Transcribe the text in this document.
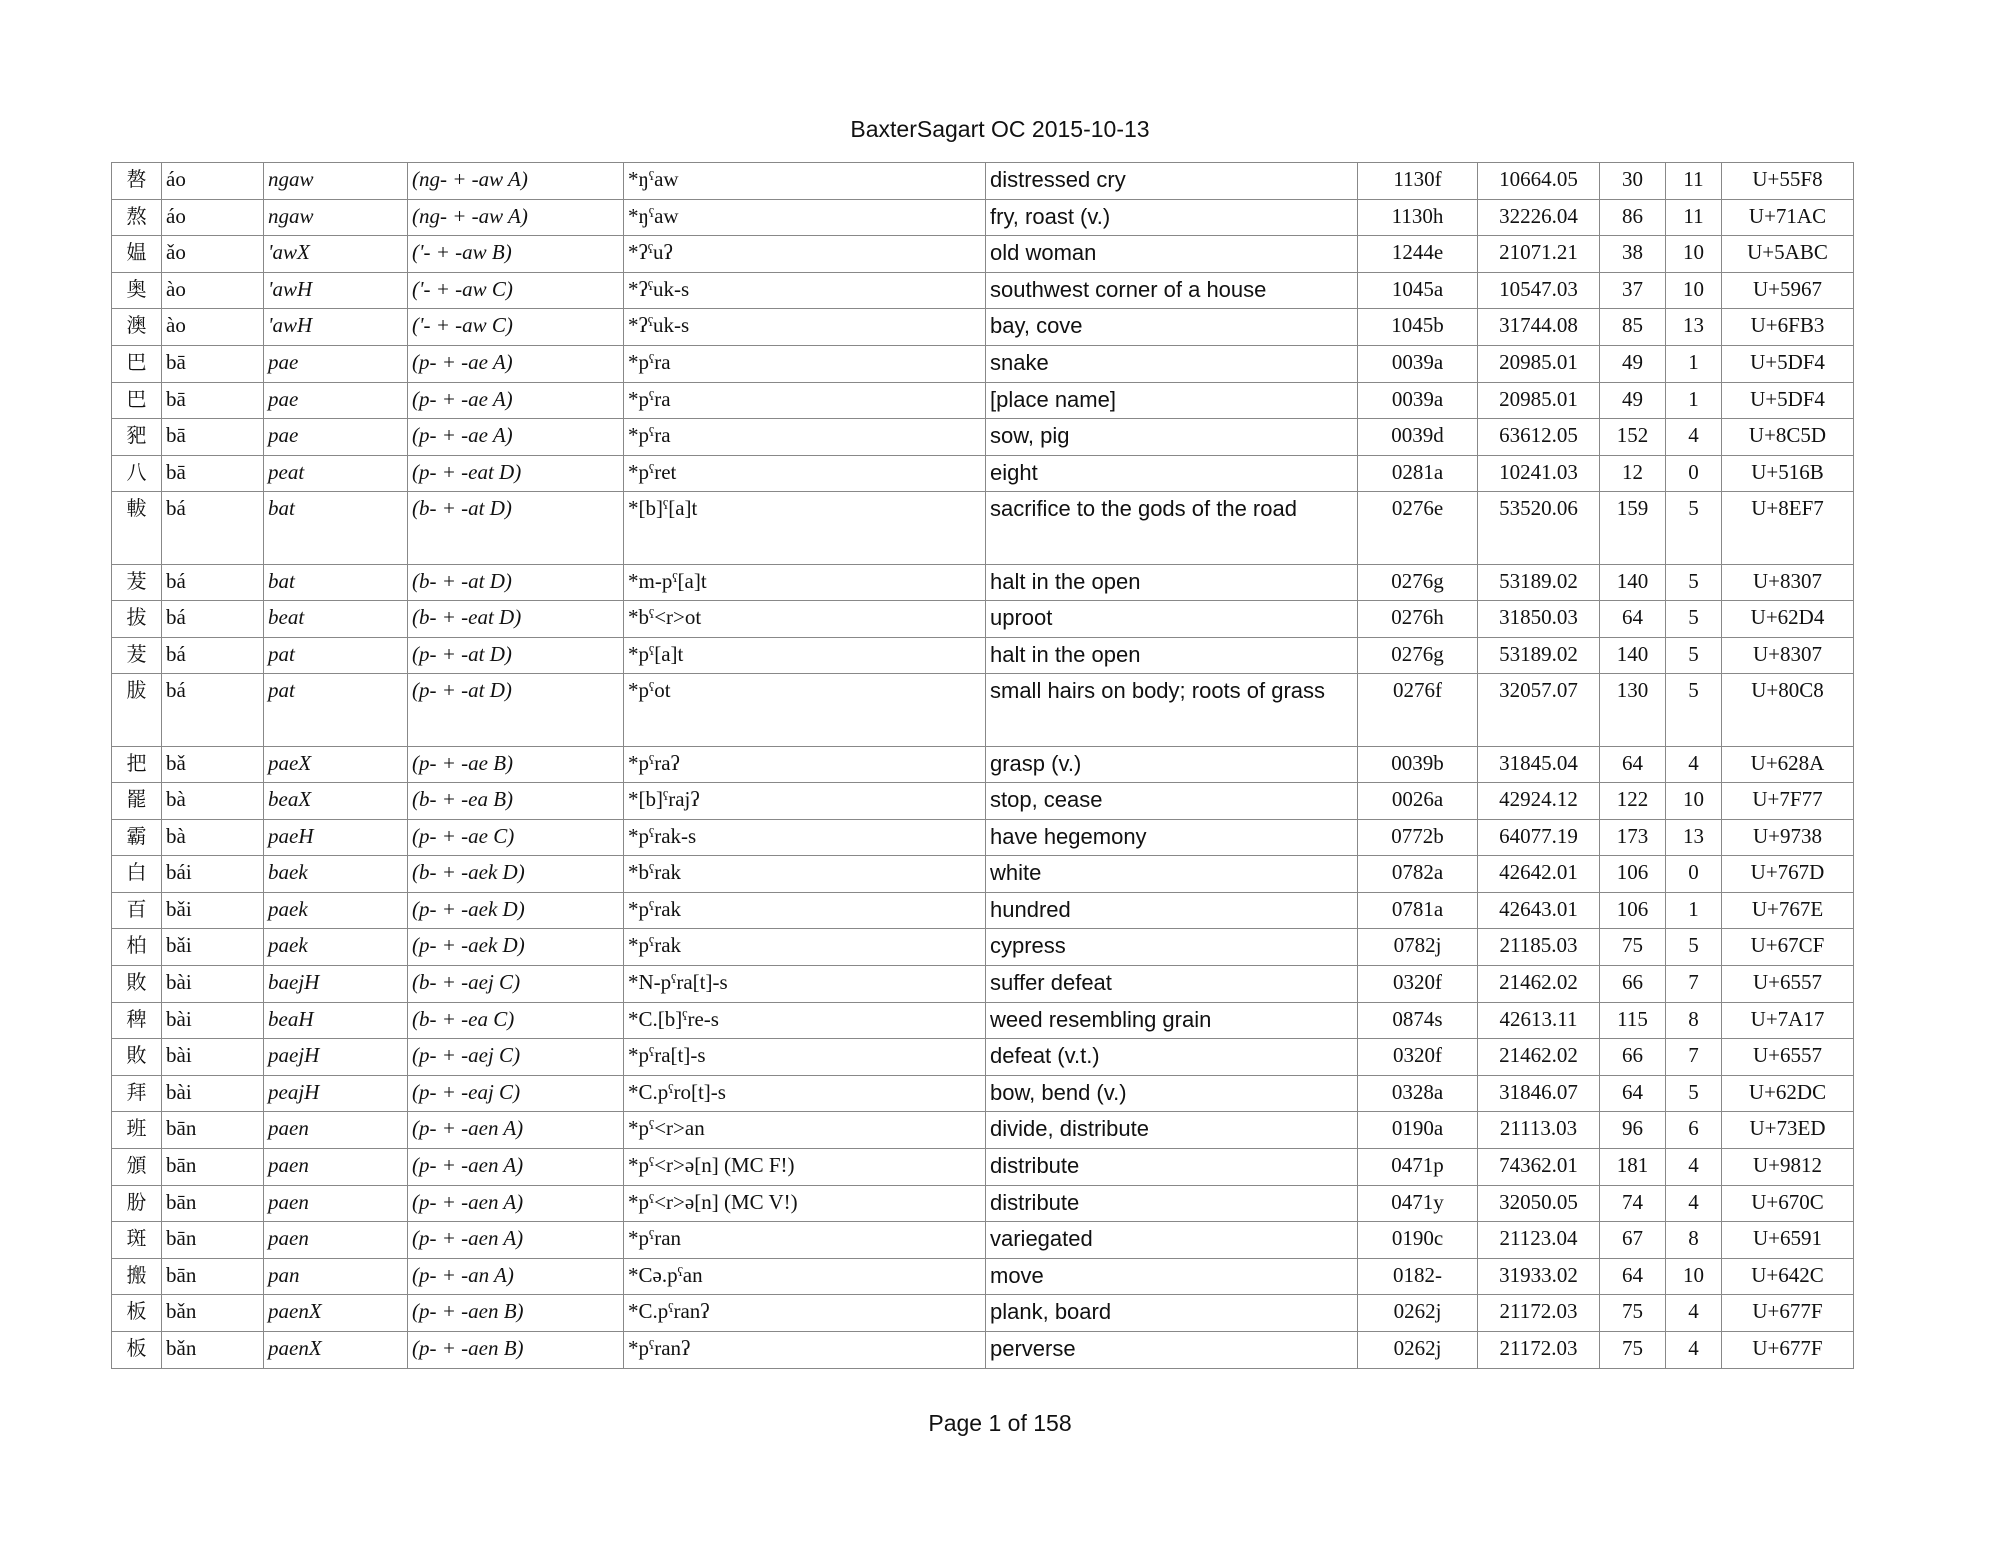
BaxterSagart OC 2015-10-13
嗸	áo	ngaw	(ng- + -aw A)	*ŋˤaw	distressed cry	1130f	10664.05	30	11	U+55F8
熬	áo	ngaw	(ng- + -aw A)	*ŋˤaw	fry, roast (v.)	1130h	32226.04	86	11	U+71AC
媪	ǎo	'awX	('- + -aw B)	*ʔˤuʔ	old woman	1244e	21071.21	38	10	U+5ABC
奥	ào	'awH	('- + -aw C)	*ʔˤuk-s	southwest corner of a house	1045a	10547.03	37	10	U+5967
澳	ào	'awH	('- + -aw C)	*ʔˤuk-s	bay, cove	1045b	31744.08	85	13	U+6FB3
巴	bā	pae	(p- + -ae A)	*pˤra	snake	0039a	20985.01	49	1	U+5DF4
巴	bā	pae	(p- + -ae A)	*pˤra	[place name]	0039a	20985.01	49	1	U+5DF4
豝	bā	pae	(p- + -ae A)	*pˤra	sow, pig	0039d	63612.05	152	4	U+8C5D
八	bā	peat	(p- + -eat D)	*pˤret	eight	0281a	10241.03	12	0	U+516B
軷	bá	bat	(b- + -at D)	*[b]ˤ[a]t	sacrifice to the gods of the road	0276e	53520.06	159	5	U+8EF7
茇	bá	bat	(b- + -at D)	*m-pˤ[a]t	halt in the open	0276g	53189.02	140	5	U+8307
拔	bá	beat	(b- + -eat D)	*bˤ<r>ot	uproot	0276h	31850.03	64	5	U+62D4
茇	bá	pat	(p- + -at D)	*pˤ[a]t	halt in the open	0276g	53189.02	140	5	U+8307
胈	bá	pat	(p- + -at D)	*pˤot	small hairs on body; roots of grass	0276f	32057.07	130	5	U+80C8
把	bǎ	paeX	(p- + -ae B)	*pˤraʔ	grasp (v.)	0039b	31845.04	64	4	U+628A
罷	bà	beaX	(b- + -ea B)	*[b]ˤrajʔ	stop, cease	0026a	42924.12	122	10	U+7F77
霸	bà	paeH	(p- + -ae C)	*pˤrak-s	have hegemony	0772b	64077.19	173	13	U+9738
白	bái	baek	(b- + -aek D)	*bˤrak	white	0782a	42642.01	106	0	U+767D
百	bǎi	paek	(p- + -aek D)	*pˤrak	hundred	0781a	42643.01	106	1	U+767E
柏	bǎi	paek	(p- + -aek D)	*pˤrak	cypress	0782j	21185.03	75	5	U+67CF
敗	bài	baejH	(b- + -aej C)	*N-pˤra[t]-s	suffer defeat	0320f	21462.02	66	7	U+6557
稗	bài	beaH	(b- + -ea C)	*C.[b]ˤre-s	weed resembling grain	0874s	42613.11	115	8	U+7A17
敗	bài	paejH	(p- + -aej C)	*pˤra[t]-s	defeat (v.t.)	0320f	21462.02	66	7	U+6557
拜	bài	peajH	(p- + -eaj C)	*C.pˤro[t]-s	bow, bend (v.)	0328a	31846.07	64	5	U+62DC
班	bān	paen	(p- + -aen A)	*pˤ<r>an	divide, distribute	0190a	21113.03	96	6	U+73ED
頒	bān	paen	(p- + -aen A)	*pˤ<r>ə[n] (MC F!)	distribute	0471p	74362.01	181	4	U+9812
朌	bān	paen	(p- + -aen A)	*pˤ<r>ə[n] (MC V!)	distribute	0471y	32050.05	74	4	U+670C
斑	bān	paen	(p- + -aen A)	*pˤran	variegated	0190c	21123.04	67	8	U+6591
搬	bān	pan	(p- + -an A)	*Cə.pˤan	move	0182-	31933.02	64	10	U+642C
板	bǎn	paenX	(p- + -aen B)	*C.pˤranʔ	plank, board	0262j	21172.03	75	4	U+677F
板	bǎn	paenX	(p- + -aen B)	*pˤranʔ	perverse	0262j	21172.03	75	4	U+677F
Page 1 of 158
